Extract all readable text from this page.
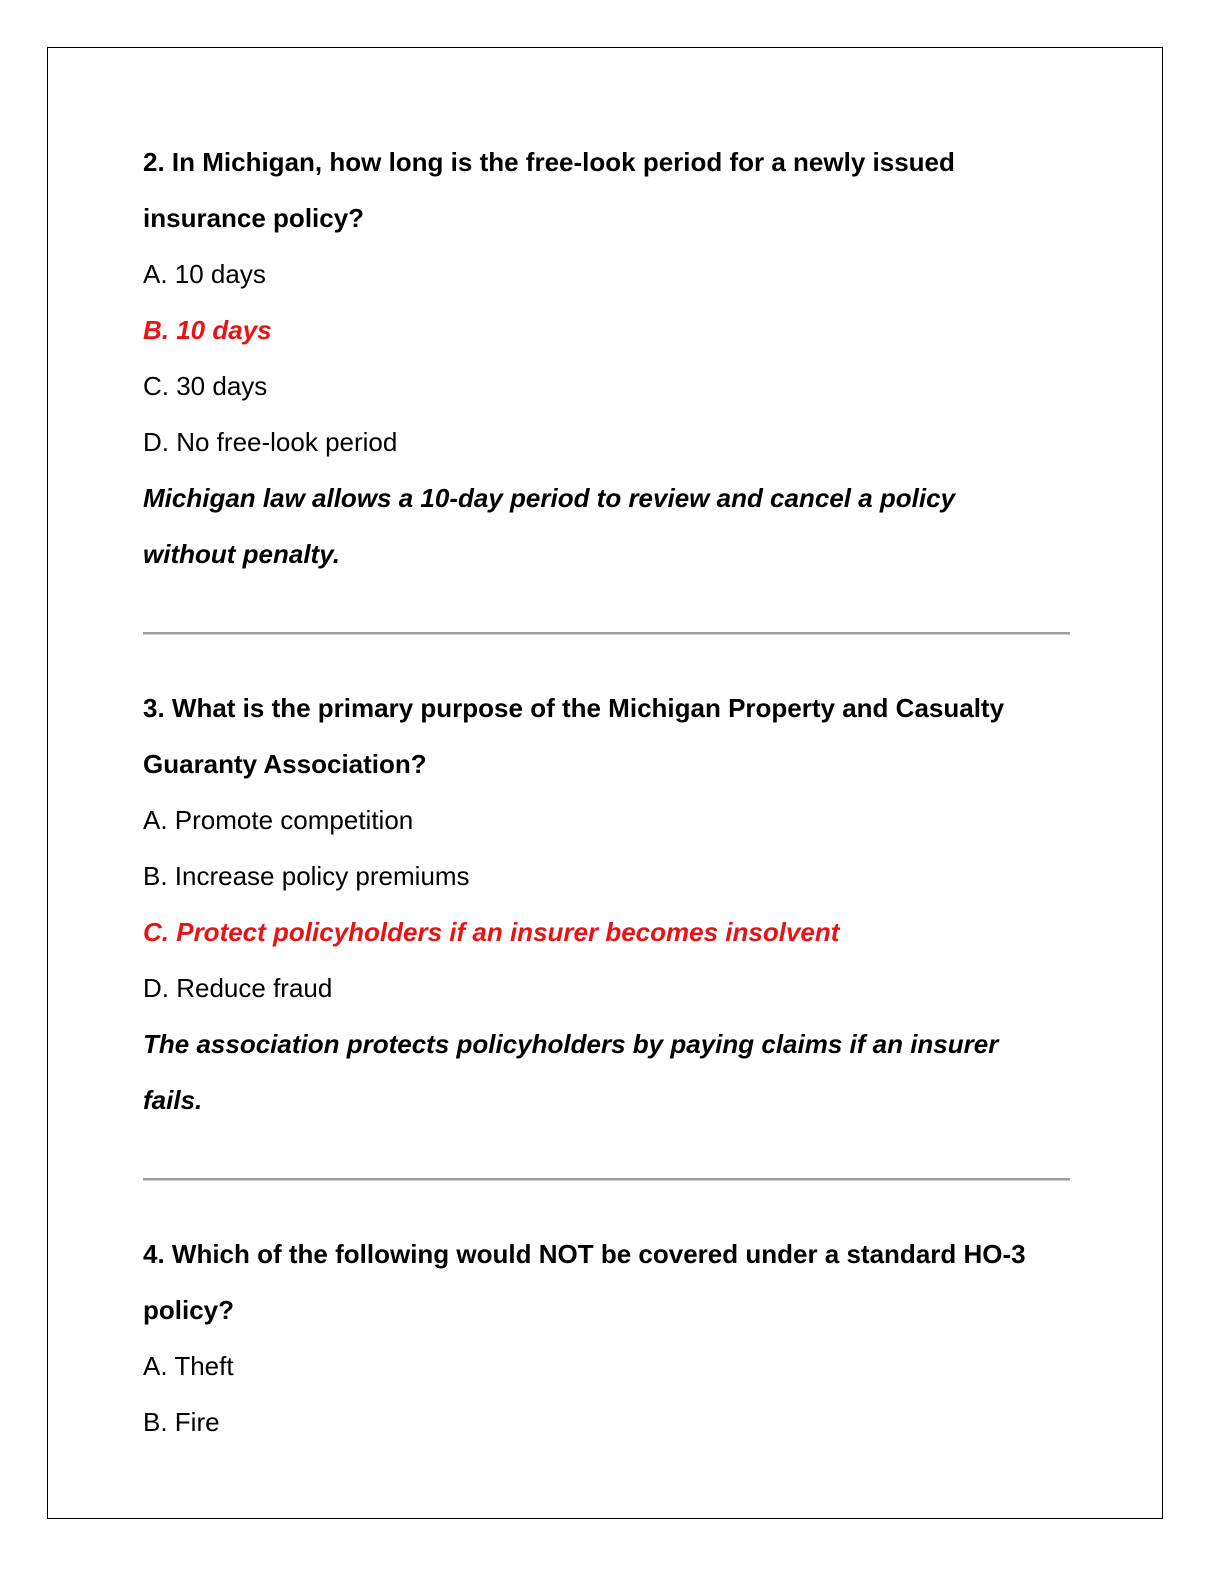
2. In Michigan, how long is the free-look period for a newly issued

insurance policy?

A. 10 days

B. 10 days

C. 30 days

D. No free-look period

Michigan law allows a 10-day period to review and cancel a policy

without penalty.

3. What is the primary purpose of the Michigan Property and Casualty

Guaranty Association?

A. Promote competition

B. Increase policy premiums

C. Protect policyholders if an insurer becomes insolvent

D. Reduce fraud

The association protects policyholders by paying claims if an insurer

fails.

4. Which of the following would NOT be covered under a standard HO-3

policy?

A. Theft

B. Fire
